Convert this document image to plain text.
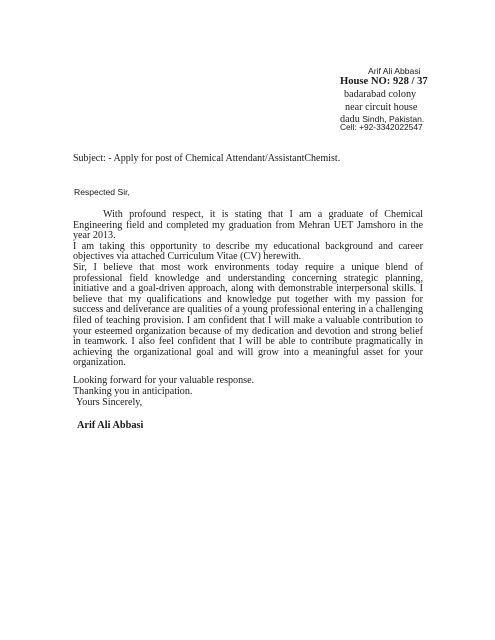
Arif Ali Abbasi
House NO: 928 / 37
badarabad colony
near circuit house
dadu Sindh, Pakistan.
Cell: +92-3342022547
Subject: - Apply for post of Chemical Attendant/AssistantChemist.
Respected Sir,

With profound respect, it is stating that I am a graduate of Chemical Engineering field and completed my graduation from Mehran UET Jamshoro in the year 2013.

I am taking this opportunity to describe my educational background and career objectives via attached Curriculum Vitae (CV) herewith.

Sir, I believe that most work environments today require a unique blend of professional field knowledge and understanding concerning strategic planning, initiative and a goal-driven approach, along with demonstrable interpersonal skills. I believe that my qualifications and knowledge put together with my passion for success and deliverance are qualities of a young professional entering in a challenging filed of teaching provision. I am confident that I will make a valuable contribution to your esteemed organization because of my dedication and devotion and strong belief in teamwork. I also feel confident that I will be able to contribute pragmatically in achieving the organizational goal and will grow into a meaningful asset for your organization.

Looking forward for your valuable response.
Thanking you in anticipation.
Yours Sincerely,
Arif Ali Abbasi
